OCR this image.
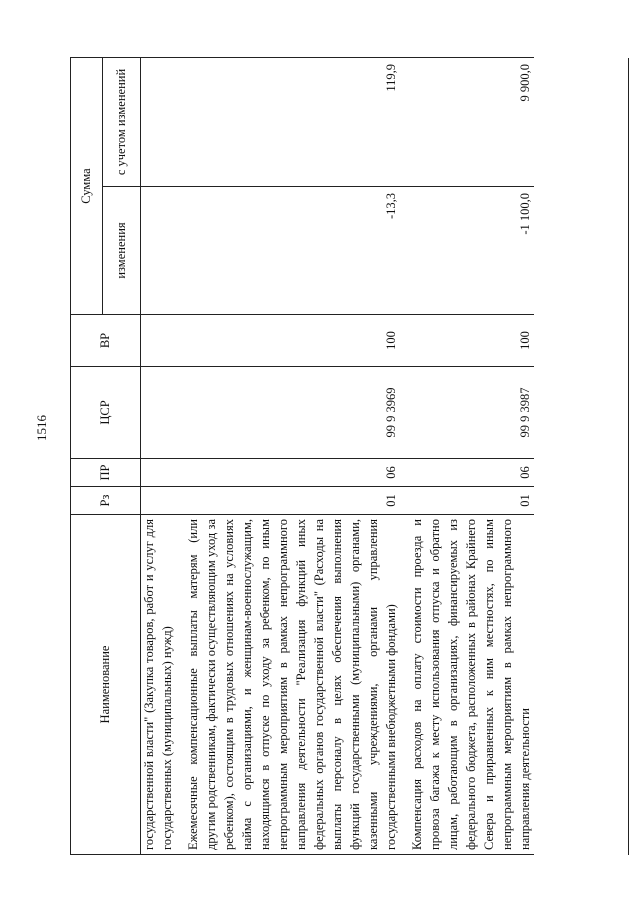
1516
Наименование	Рз	ПР	ЦСР	ВР	Сумма	
					изменения	с учетом изменений
государственной власти" (Закупка товаров, работ и услуг для государственных (муниципальных) нужд)						
Ежемесячные компенсационные выплаты матерям (или другим родственникам, фактически осуществляющим уход за ребенком), состоящим в трудовых отношениях на условиях найма с организациями, и женщинам-военнослужащим, находящимся в отпуске по уходу за ребенком, по иным непрограммным мероприятиям в рамках непрограммного направления деятельности "Реализация функций иных федеральных органов государственной власти" (Расходы на выплаты персоналу в целях обеспечения выполнения функций государственными (муниципальными) органами, казенными учреждениями, органами управления государственными внебюджетными фондами)	01	06	99 9 3969	100	-13,3	119,9
Компенсация расходов на оплату стоимости проезда и провоза багажа к месту использования отпуска и обратно лицам, работающим в организациях, финансируемых из федерального бюджета, расположенных в районах Крайнего Севера и приравненных к ним местностях, по иным непрограммным мероприятиям в рамках непрограммного направления деятельности	01	06	99 9 3987	100	-1 100,0	9 900,0
